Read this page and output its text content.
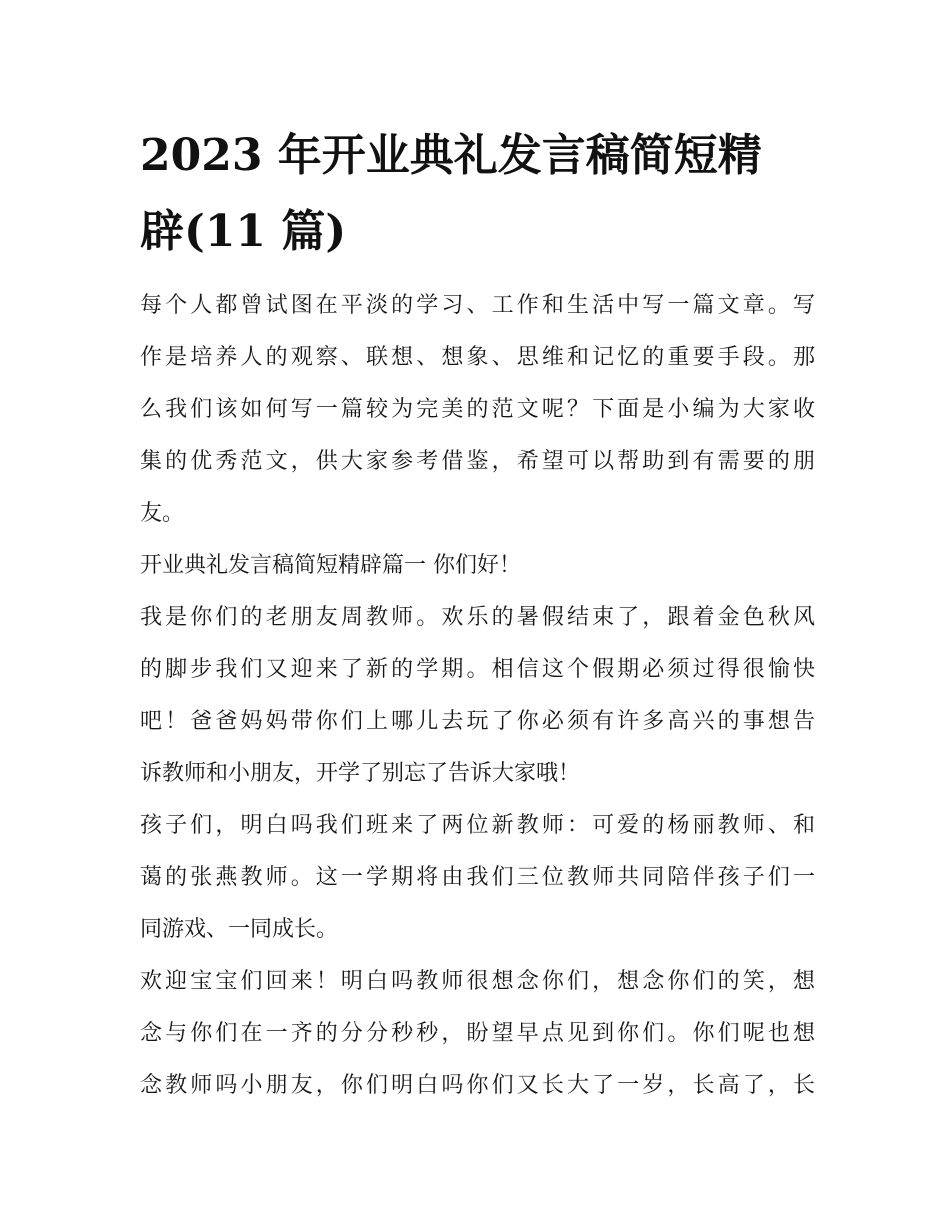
2023 年开业典礼发言稿简短精
辟(11 篇)

每个人都曾试图在平淡的学习、工作和生活中写一篇文章。写
作是培养人的观察、联想、想象、思维和记忆的重要手段。那
么我们该如何写一篇较为完美的范文呢？下面是小编为大家收
集的优秀范文，供大家参考借鉴，希望可以帮助到有需要的朋
友。

开业典礼发言稿简短精辟篇一 你们好！

我是你们的老朋友周教师。欢乐的暑假结束了，跟着金色秋风
的脚步我们又迎来了新的学期。相信这个假期必须过得很愉快
吧！爸爸妈妈带你们上哪儿去玩了你必须有许多高兴的事想告
诉教师和小朋友，开学了别忘了告诉大家哦！

孩子们，明白吗我们班来了两位新教师：可爱的杨丽教师、和
蔼的张燕教师。这一学期将由我们三位教师共同陪伴孩子们一
同游戏、一同成长。

欢迎宝宝们回来！明白吗教师很想念你们，想念你们的笑，想
念与你们在一齐的分分秒秒，盼望早点见到你们。你们呢也想
念教师吗小朋友，你们明白吗你们又长大了一岁，长高了，长
